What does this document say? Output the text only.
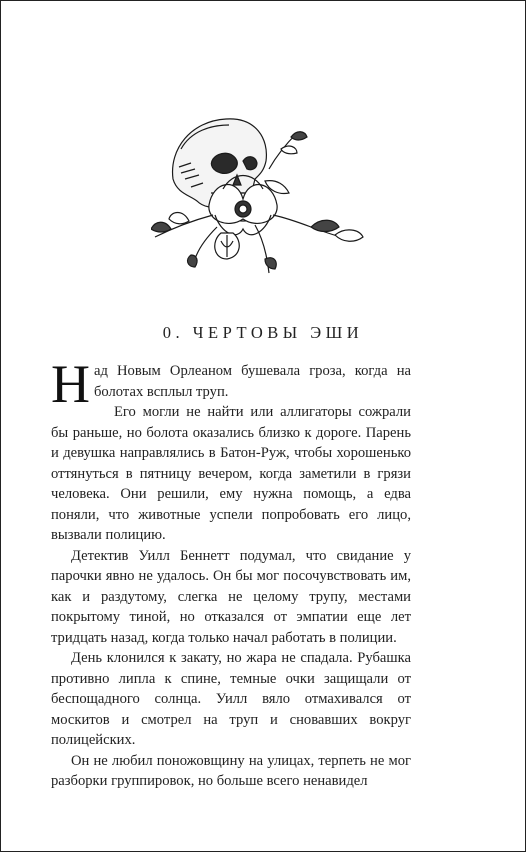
0. ЧЕРТОВЫ ЭШИ

Над Новым Орлеаном бушевала гроза, когда на болотах всплыл труп.

Его могли не найти или аллигаторы сожрали бы раньше, но болота оказались близко к дороге. Парень и девушка направлялись в Батон-Руж, чтобы хорошенько оттянуться в пятницу вечером, когда заметили в грязи человека. Они решили, ему нужна помощь, а едва поняли, что животные успели попробовать его лицо, вызвали полицию.

Детектив Уилл Беннетт подумал, что свидание у парочки явно не удалось. Он бы мог посочувствовать им, как и раздутому, слегка не целому трупу, местами покрытому тиной, но отказался от эмпатии еще лет тридцать назад, когда только начал работать в полиции.

День клонился к закату, но жара не спадала. Рубашка противно липла к спине, темные очки защищали от беспощадного солнца. Уилл вяло отмахивался от москитов и смотрел на труп и сновавших вокруг полицейских.

Он не любил поножовщину на улицах, терпеть не мог разборки группировок, но больше всего ненавидел
